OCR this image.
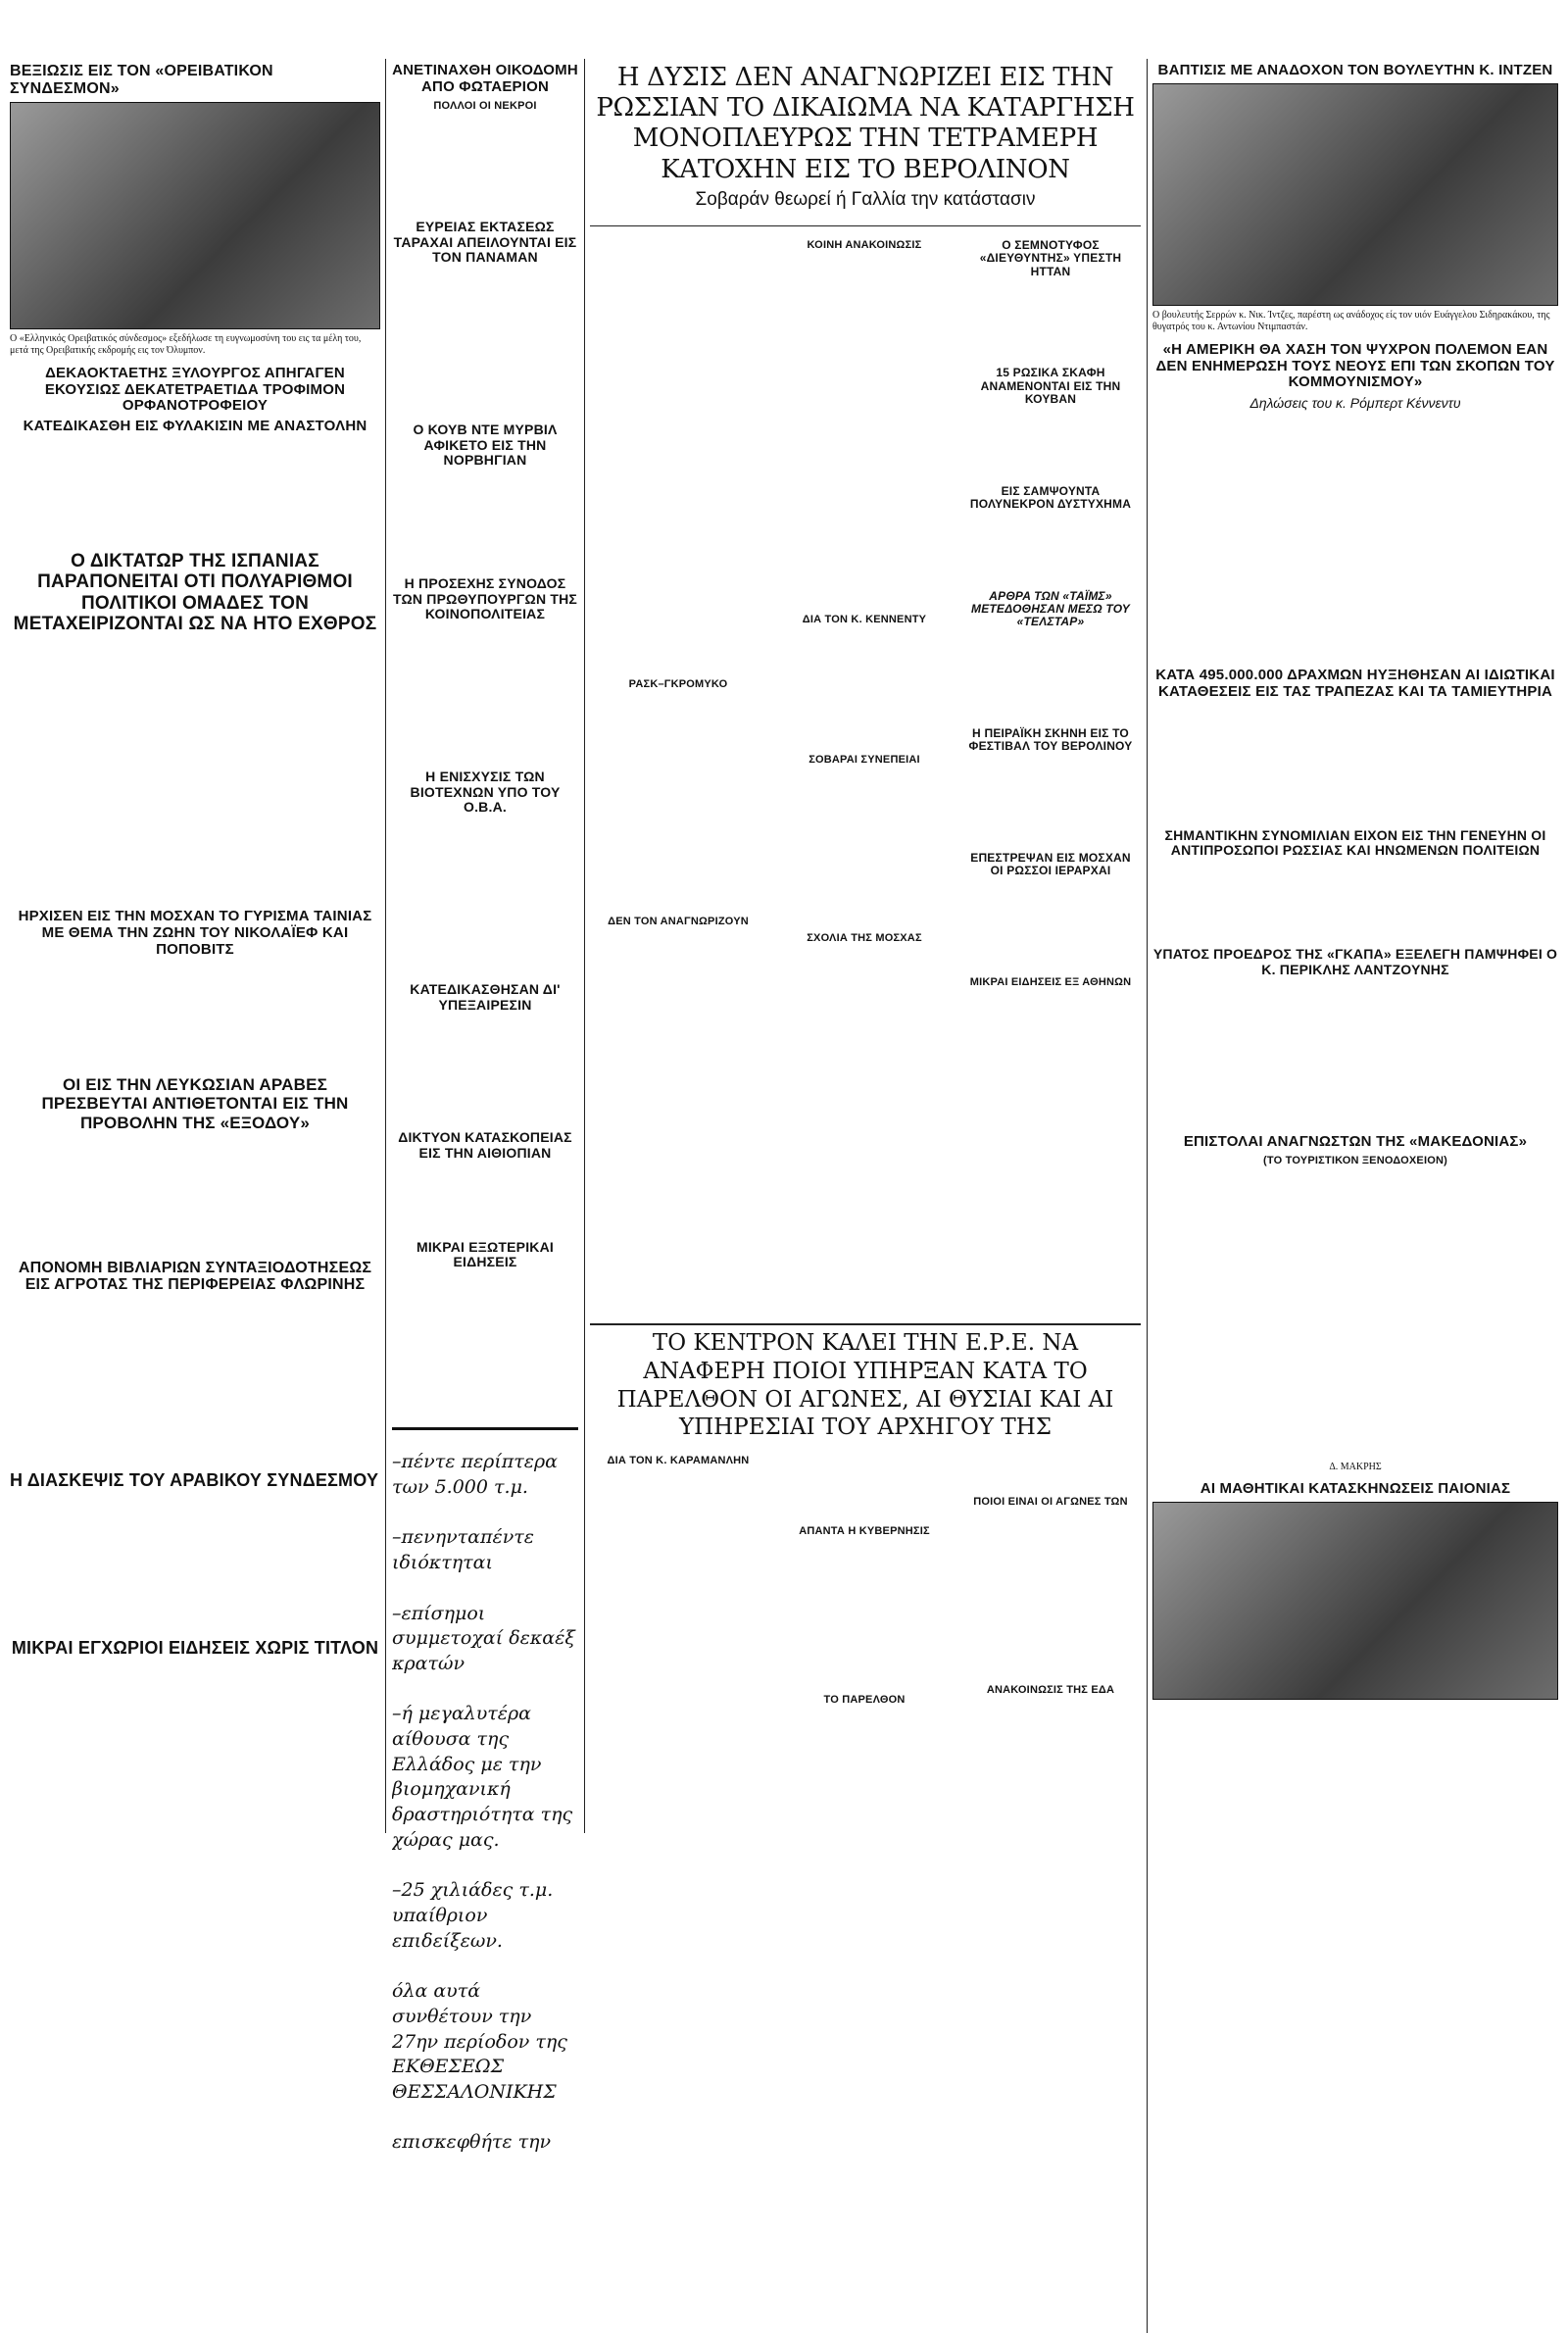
ΒΕΞΙΩΣΙΣ ΕΙΣ ΤΟΝ «ΟΡΕΙΒΑΤΙΚΟΝ ΣΥΝΔΕΣΜΟΝ»

Ο «Ελληνικός Ορειβατικός σύνδεσμος» εξεδήλωσε τη ευγνωμοσύνη του εις τα μέλη του, μετά της Ορειβατικής εκδρομής εις τον Όλυμπον.

ΔΕΚΑΟΚΤΑΕΤΗΣ ΞΥΛΟΥΡΓΟΣ ΑΠΗΓΑΓΕΝ ΕΚΟΥΣΙΩΣ ΔΕΚΑΤΕΤΡΑΕΤΙΔΑ ΤΡΟΦΙΜΟΝ ΟΡΦΑΝΟΤΡΟΦΕΙΟΥ
ΚΑΤΕΔΙΚΑΣΘΗ ΕΙΣ ΦΥΛΑΚΙΣΙΝ ΜΕ ΑΝΑΣΤΟΛΗΝ

Ο ΔΙΚΤΑΤΩΡ ΤΗΣ ΙΣΠΑΝΙΑΣ ΠΑΡΑΠΟΝΕΙΤΑΙ ΟΤΙ ΠΟΛΥΑΡΙΘΜΟΙ ΠΟΛΙΤΙΚΟΙ ΟΜΑΔΕΣ ΤΟΝ ΜΕΤΑΧΕΙΡΙΖΟΝΤΑΙ ΩΣ ΝΑ ΗΤΟ ΕΧΘΡΟΣ

ΗΡΧΙΣΕΝ ΕΙΣ ΤΗΝ ΜΟΣΧΑΝ ΤΟ ΓΥΡΙΣΜΑ ΤΑΙΝΙΑΣ ΜΕ ΘΕΜΑ ΤΗΝ ΖΩΗΝ ΤΟΥ ΝΙΚΟΛΑΪΕΦ ΚΑΙ ΠΟΠΟΒΙΤΣ

ΟΙ ΕΙΣ ΤΗΝ ΛΕΥΚΩΣΙΑΝ ΑΡΑΒΕΣ ΠΡΕΣΒΕΥΤΑΙ ΑΝΤΙΘΕΤΟΝΤΑΙ ΕΙΣ ΤΗΝ ΠΡΟΒΟΛΗΝ ΤΗΣ «ΕΞΟΔΟΥ»

ΑΠΟΝΟΜΗ ΒΙΒΛΙΑΡΙΩΝ ΣΥΝΤΑΞΙΟΔΟΤΗΣΕΩΣ ΕΙΣ ΑΓΡΟΤΑΣ ΤΗΣ ΠΕΡΙΦΕΡΕΙΑΣ ΦΛΩΡΙΝΗΣ

Η ΔΙΑΣΚΕΨΙΣ ΤΟΥ ΑΡΑΒΙΚΟΥ ΣΥΝΔΕΣΜΟΥ

ΜΙΚΡΑΙ ΕΓΧΩΡΙΟΙ ΕΙΔΗΣΕΙΣ ΧΩΡΙΣ ΤΙΤΛΟΝ

ΑΝΕΤΙΝΑΧΘΗ ΟΙΚΟΔΟΜΗ ΑΠΟ ΦΩΤΑΕΡΙΟΝ
ΠΟΛΛΟΙ ΟΙ ΝΕΚΡΟΙ

ΕΥΡΕΙΑΣ ΕΚΤΑΣΕΩΣ ΤΑΡΑΧΑΙ ΑΠΕΙΛΟΥΝΤΑΙ ΕΙΣ ΤΟΝ ΠΑΝΑΜΑΝ

Ο ΚΟΥΒ ΝΤΕ ΜΥΡΒΙΛ ΑΦΙΚΕΤΟ ΕΙΣ ΤΗΝ ΝΟΡΒΗΓΙΑΝ

Η ΠΡΟΣΕΧΗΣ ΣΥΝΟΔΟΣ ΤΩΝ ΠΡΩΘΥΠΟΥΡΓΩΝ ΤΗΣ ΚΟΙΝΟΠΟΛΙΤΕΙΑΣ

Η ΕΝΙΣΧΥΣΙΣ ΤΩΝ ΒΙΟΤΕΧΝΩΝ ΥΠΟ ΤΟΥ Ο.Β.Α.

ΚΑΤΕΔΙΚΑΣΘΗΣΑΝ ΔΙ' ΥΠΕΞΑΙΡΕΣΙΝ

ΔΙΚΤΥΟΝ ΚΑΤΑΣΚΟΠΕΙΑΣ ΕΙΣ ΤΗΝ ΑΙΘΙΟΠΙΑΝ

ΜΙΚΡΑΙ ΕΞΩΤΕΡΙΚΑΙ ΕΙΔΗΣΕΙΣ

–πέντε περίπτερα των 5.000 τ.μ.

–πενηνταπέντε ιδιόκτηται

–επίσημοι συμμετοχαί δεκαέξ κρατών

–ή μεγαλυτέρα αίθουσα της Ελλάδος με την βιομηχανική δραστηριότητα της χώρας μας.

–25 χιλιάδες τ.μ. υπαίθριον επιδείξεων.

όλα αυτά συνθέτουν την 27ην περίοδον της ΕΚΘΕΣΕΩΣ ΘΕΣΣΑΛΟΝΙΚΗΣ

επισκεφθήτε την

Η ΔΥΣΙΣ ΔΕΝ ΑΝΑΓΝΩΡΙΖΕΙ ΕΙΣ ΤΗΝ ΡΩΣΣΙΑΝ ΤΟ ΔΙΚΑΙΩΜΑ ΝΑ ΚΑΤΑΡΓΗΣΗ ΜΟΝΟΠΛΕΥΡΩΣ ΤΗΝ ΤΕΤΡΑΜΕΡΗ ΚΑΤΟΧΗΝ ΕΙΣ ΤΟ ΒΕΡΟΛΙΝΟΝ
Σοβαράν θεωρεί ή Γαλλία την κατάστασιν

ΡΑΣΚ–ΓΚΡΟΜΥΚΟ

ΔΕΝ ΤΟΝ ΑΝΑΓΝΩΡΙΖΟΥΝ

ΚΟΙΝΗ ΑΝΑΚΟΙΝΩΣΙΣ

ΔΙΑ ΤΟΝ Κ. ΚΕΝΝΕΝΤΥ

ΣΟΒΑΡΑΙ ΣΥΝΕΠΕΙΑΙ

ΣΧΟΛΙΑ ΤΗΣ ΜΟΣΧΑΣ

Ο ΣΕΜΝΟΤΥΦΟΣ «ΔΙΕΥΘΥΝΤΗΣ» ΥΠΕΣΤΗ ΗΤΤΑΝ

15 ΡΩΣΙΚΑ ΣΚΑΦΗ ΑΝΑΜΕΝΟΝΤΑΙ ΕΙΣ ΤΗΝ ΚΟΥΒΑΝ

ΕΙΣ ΣΑΜΨΟΥΝΤΑ ΠΟΛΥΝΕΚΡΟΝ ΔΥΣΤΥΧΗΜΑ

ΑΡΘΡΑ ΤΩΝ «ΤΑΪΜΣ» ΜΕΤΕΔΟΘΗΣΑΝ ΜΕΣΩ ΤΟΥ «ΤΕΛΣΤΑΡ»

Η ΠΕΙΡΑΪΚΗ ΣΚΗΝΗ ΕΙΣ ΤΟ ΦΕΣΤΙΒΑΛ ΤΟΥ ΒΕΡΟΛΙΝΟΥ

ΕΠΕΣΤΡΕΨΑΝ ΕΙΣ ΜΟΣΧΑΝ ΟΙ ΡΩΣΣΟΙ ΙΕΡΑΡΧΑΙ

ΜΙΚΡΑΙ ΕΙΔΗΣΕΙΣ ΕΞ ΑΘΗΝΩΝ

ΤΟ ΚΕΝΤΡΟΝ ΚΑΛΕΙ ΤΗΝ Ε.Ρ.Ε. ΝΑ ΑΝΑΦΕΡΗ ΠΟΙΟΙ ΥΠΗΡΞΑΝ ΚΑΤΑ ΤΟ ΠΑΡΕΛΘΟΝ ΟΙ ΑΓΩΝΕΣ, ΑΙ ΘΥΣΙΑΙ ΚΑΙ ΑΙ ΥΠΗΡΕΣΙΑΙ ΤΟΥ ΑΡΧΗΓΟΥ ΤΗΣ
ΔΙΑ ΤΟΝ Κ. ΚΑΡΑΜΑΝΛΗΝ

ΑΠΑΝΤΑ Η ΚΥΒΕΡΝΗΣΙΣ

ΤΟ ΠΑΡΕΛΘΟΝ

ΠΟΙΟΙ ΕΙΝΑΙ ΟΙ ΑΓΩΝΕΣ ΤΩΝ

ΑΝΑΚΟΙΝΩΣΙΣ ΤΗΣ ΕΔΑ

ΒΑΠΤΙΣΙΣ ΜΕ ΑΝΑΔΟΧΟΝ ΤΟΝ ΒΟΥΛΕΥΤΗΝ Κ. ΙΝΤΖΕΝ

Ο βουλευτής Σερρών κ. Νικ. Ίντζες, παρέστη ως ανάδοχος είς τον υιόν Ευάγγελου Σιδηρακάκου, της θυγατρός του κ. Αντωνίου Ντιμπαστάν.

«Η ΑΜΕΡΙΚΗ ΘΑ ΧΑΣΗ ΤΟΝ ΨΥΧΡΟΝ ΠΟΛΕΜΟΝ ΕΑΝ ΔΕΝ ΕΝΗΜΕΡΩΣΗ ΤΟΥΣ ΝΕΟΥΣ ΕΠΙ ΤΩΝ ΣΚΟΠΩΝ ΤΟΥ ΚΟΜΜΟΥΝΙΣΜΟΥ»
Δηλώσεις του κ. Ρόμπερτ Κέννεντυ

ΚΑΤΑ 495.000.000 ΔΡΑΧΜΩΝ ΗΥΞΗΘΗΣΑΝ ΑΙ ΙΔΙΩΤΙΚΑΙ ΚΑΤΑΘΕΣΕΙΣ ΕΙΣ ΤΑΣ ΤΡΑΠΕΖΑΣ ΚΑΙ ΤΑ ΤΑΜΙΕΥΤΗΡΙΑ

ΣΗΜΑΝΤΙΚΗΝ ΣΥΝΟΜΙΛΙΑΝ ΕΙΧΟΝ ΕΙΣ ΤΗΝ ΓΕΝΕΥΗΝ ΟΙ ΑΝΤΙΠΡΟΣΩΠΟΙ ΡΩΣΣΙΑΣ ΚΑΙ ΗΝΩΜΕΝΩΝ ΠΟΛΙΤΕΙΩΝ

ΥΠΑΤΟΣ ΠΡΟΕΔΡΟΣ ΤΗΣ «ΓΚΑΠΑ» ΕΞΕΛΕΓΗ ΠΑΜΨΗΦΕΙ Ο Κ. ΠΕΡΙΚΛΗΣ ΛΑΝΤΖΟΥΝΗΣ

ΕΠΙΣΤΟΛΑΙ ΑΝΑΓΝΩΣΤΩΝ ΤΗΣ «ΜΑΚΕΔΟΝΙΑΣ»
(ΤΟ ΤΟΥΡΙΣΤΙΚΟΝ ΞΕΝΟΔΟΧΕΙΟΝ)

Δ. ΜΑΚΡΗΣ
ΑΙ ΜΑΘΗΤΙΚΑΙ ΚΑΤΑΣΚΗΝΩΣΕΙΣ ΠΑΙΟΝΙΑΣ
